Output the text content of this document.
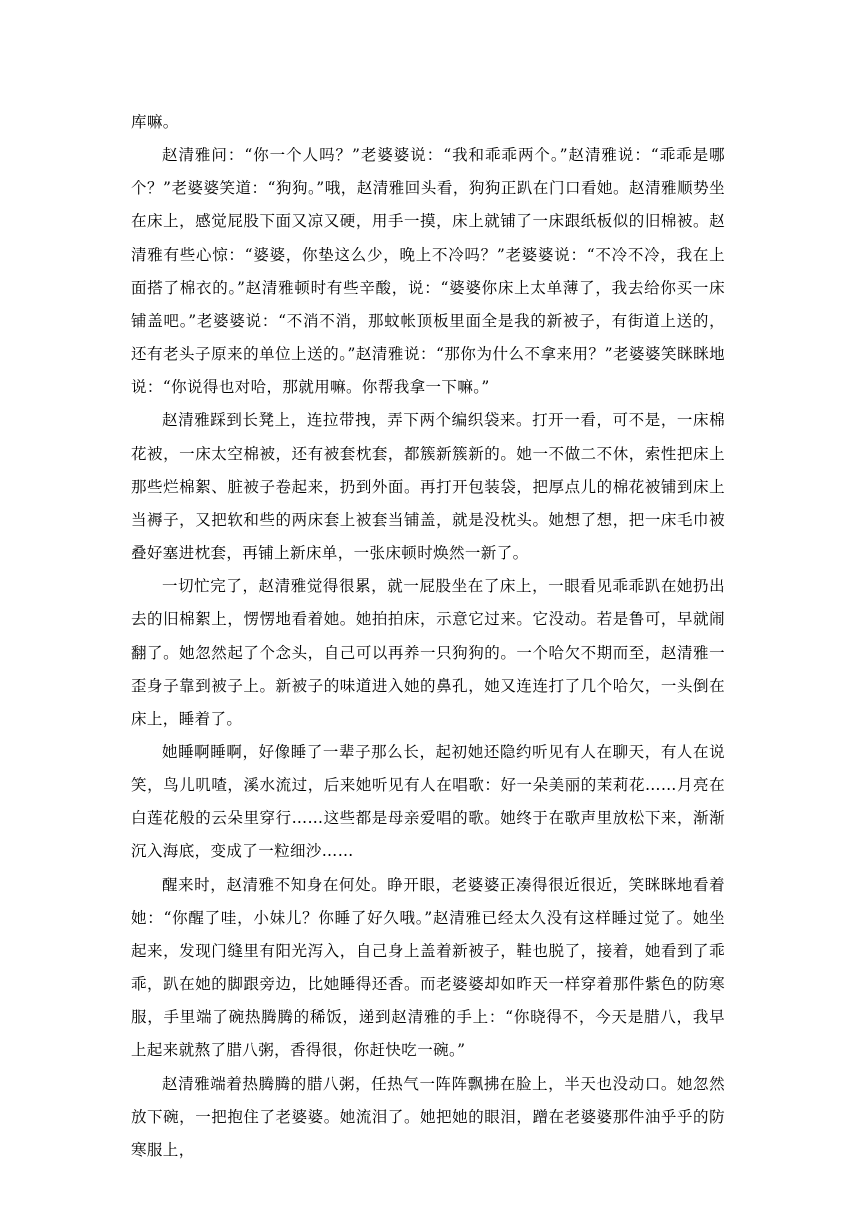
库嘛。

赵清雅问：“你一个人吗？”老婆婆说：“我和乖乖两个。”赵清雅说：“乖乖是哪个？”老婆婆笑道：“狗狗。”哦，赵清雅回头看，狗狗正趴在门口看她。赵清雅顺势坐在床上，感觉屁股下面又凉又硬，用手一摸，床上就铺了一床跟纸板似的旧棉被。赵清雅有些心惊：“婆婆，你垫这么少，晚上不冷吗？”老婆婆说：“不冷不冷，我在上面搭了棉衣的。”赵清雅顿时有些辛酸，说：“婆婆你床上太单薄了，我去给你买一床铺盖吧。”老婆婆说：“不消不消，那蚊帐顶板里面全是我的新被子，有街道上送的，还有老头子原来的单位上送的。”赵清雅说：“那你为什么不拿来用？”老婆婆笑眯眯地说：“你说得也对哈，那就用嘛。你帮我拿一下嘛。”

赵清雅踩到长凳上，连拉带拽，弄下两个编织袋来。打开一看，可不是，一床棉花被，一床太空棉被，还有被套枕套，都簇新簇新的。她一不做二不休，索性把床上那些烂棉絮、脏被子卷起来，扔到外面。再打开包装袋，把厚点儿的棉花被铺到床上当褥子，又把软和些的两床套上被套当铺盖，就是没枕头。她想了想，把一床毛巾被叠好塞进枕套，再铺上新床单，一张床顿时焕然一新了。

一切忙完了，赵清雅觉得很累，就一屁股坐在了床上，一眼看见乖乖趴在她扔出去的旧棉絮上，愣愣地看着她。她拍拍床，示意它过来。它没动。若是鲁可，早就闹翻了。她忽然起了个念头，自己可以再养一只狗狗的。一个哈欠不期而至，赵清雅一歪身子靠到被子上。新被子的味道进入她的鼻孔，她又连连打了几个哈欠，一头倒在床上，睡着了。

她睡啊睡啊，好像睡了一辈子那么长，起初她还隐约听见有人在聊天，有人在说笑，鸟儿叽喳，溪水流过，后来她听见有人在唱歌：好一朵美丽的茉莉花……月亮在白莲花般的云朵里穿行……这些都是母亲爱唱的歌。她终于在歌声里放松下来，渐渐沉入海底，变成了一粒细沙……

醒来时，赵清雅不知身在何处。睁开眼，老婆婆正凑得很近很近，笑眯眯地看着她：“你醒了哇，小妹儿？你睡了好久哦。”赵清雅已经太久没有这样睡过觉了。她坐起来，发现门缝里有阳光泻入，自己身上盖着新被子，鞋也脱了，接着，她看到了乖乖，趴在她的脚跟旁边，比她睡得还香。而老婆婆却如昨天一样穿着那件紫色的防寒服，手里端了碗热腾腾的稀饭，递到赵清雅的手上：“你晓得不，今天是腊八，我早上起来就熬了腊八粥，香得很，你赶快吃一碗。”

赵清雅端着热腾腾的腊八粥，任热气一阵阵飘拂在脸上，半天也没动口。她忽然放下碗，一把抱住了老婆婆。她流泪了。她把她的眼泪，蹭在老婆婆那件油乎乎的防寒服上，
